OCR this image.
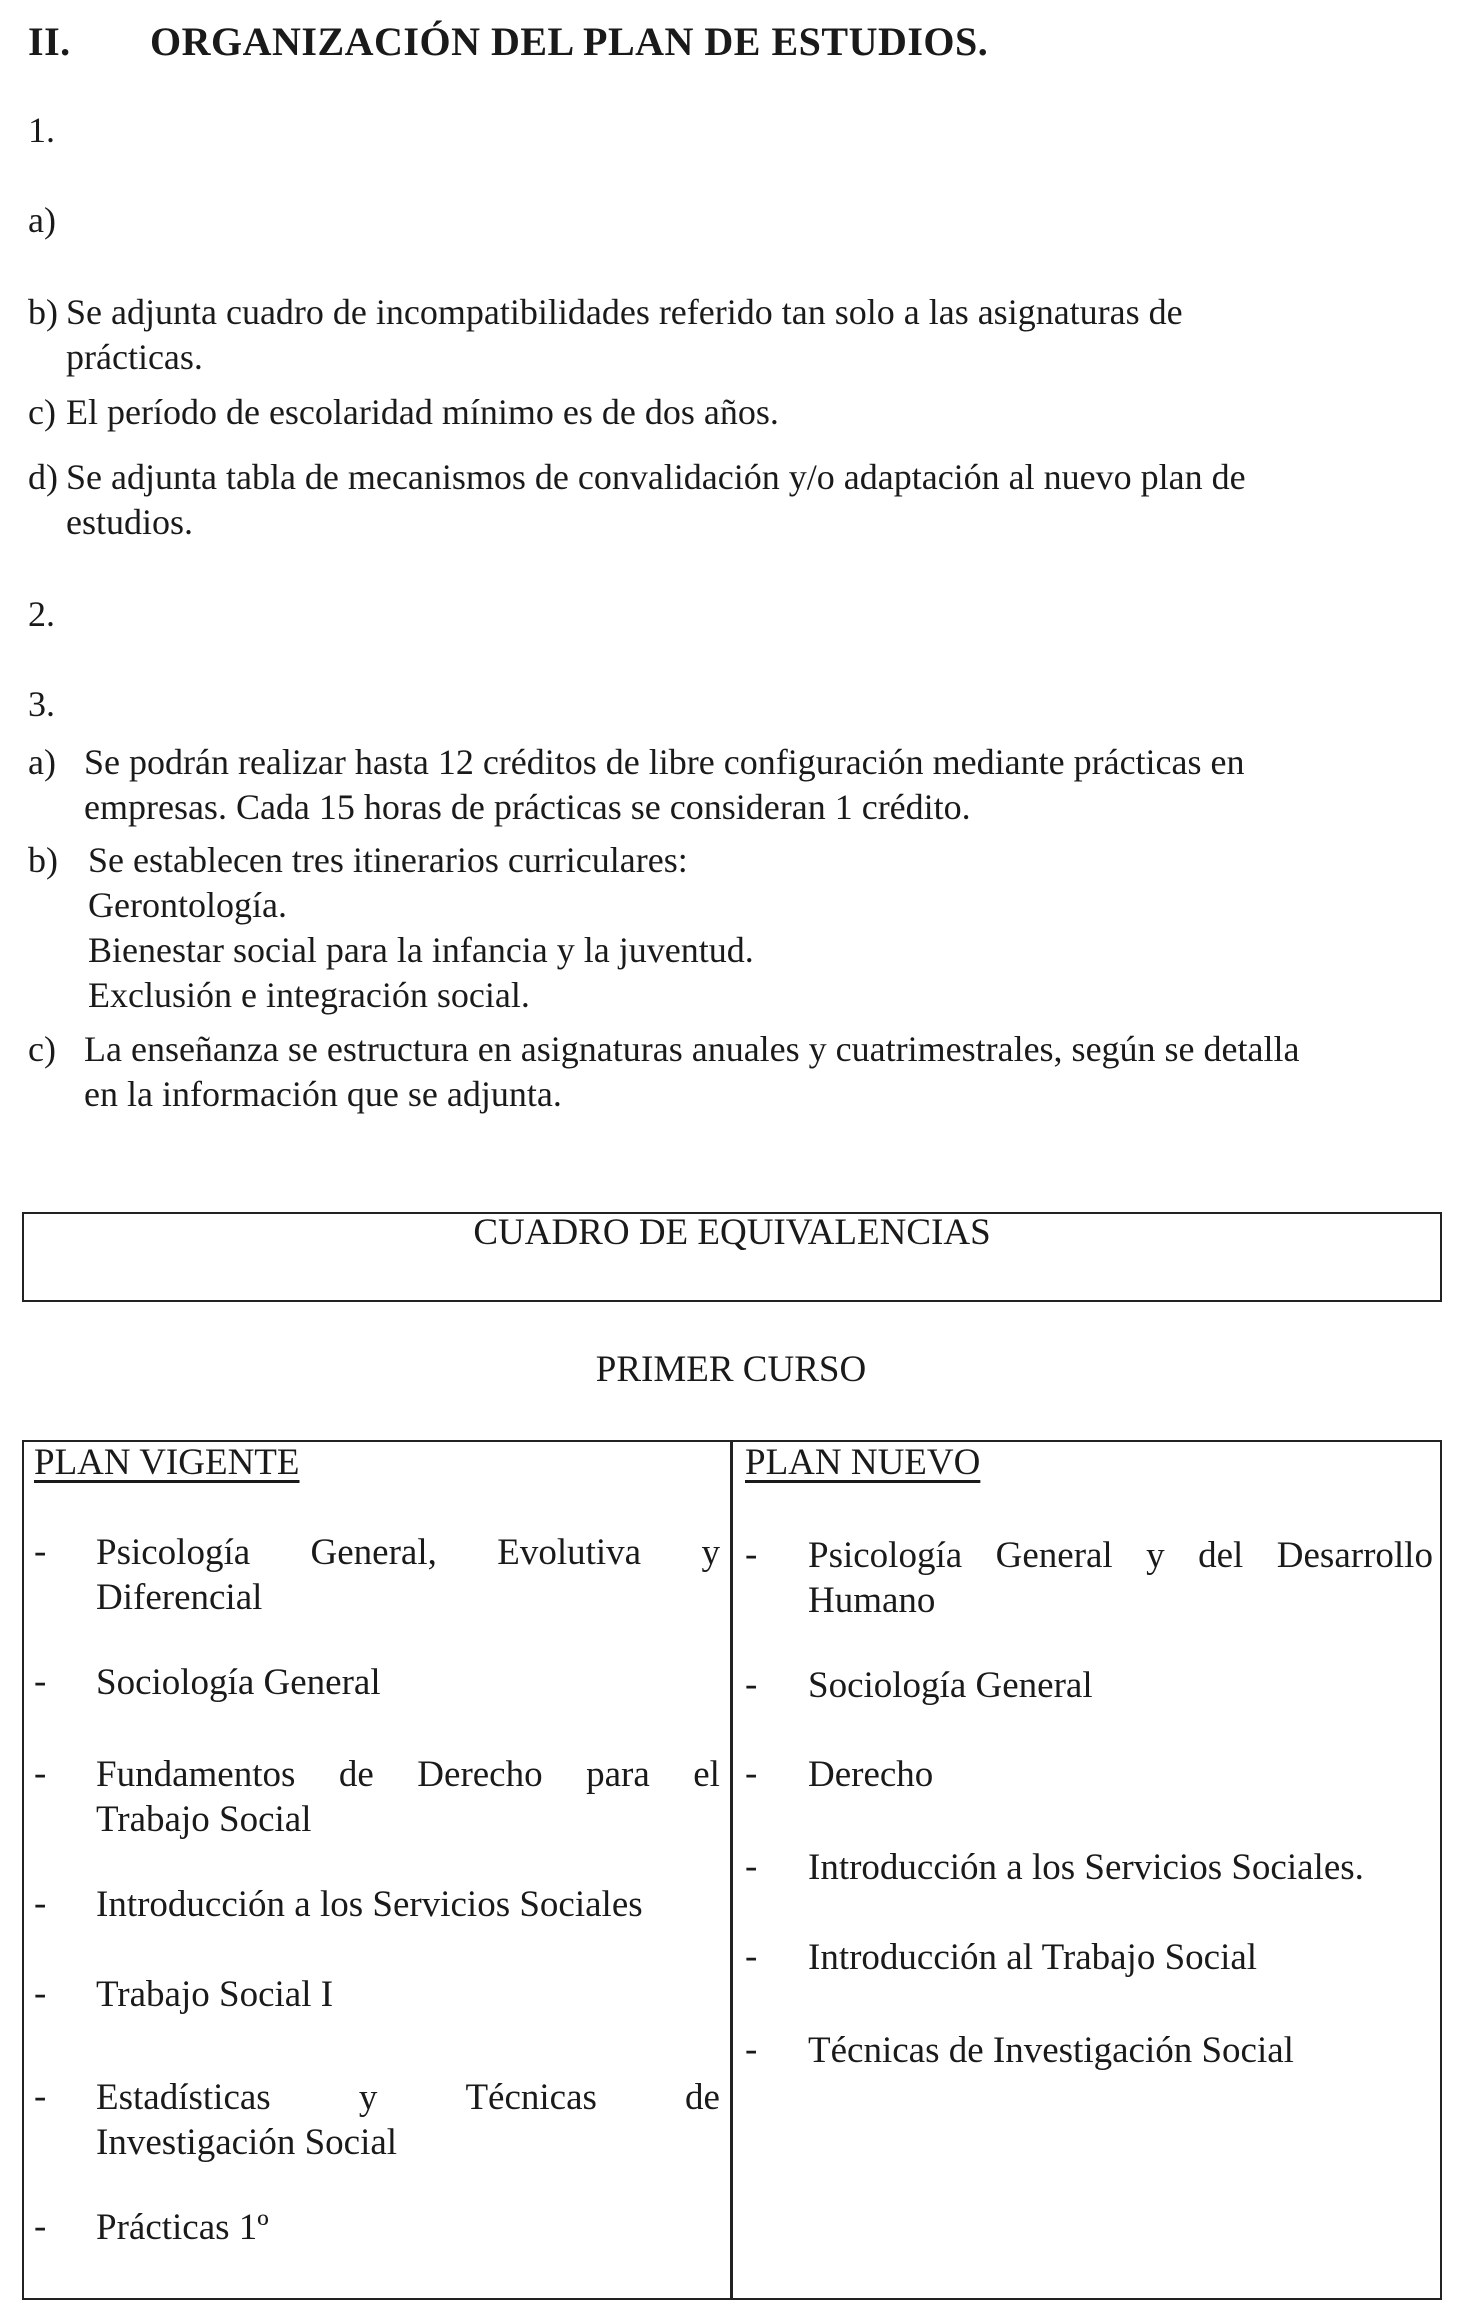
II. ORGANIZACIÓN DEL PLAN DE ESTUDIOS.
1.
a)
b) Se adjunta cuadro de incompatibilidades referido tan solo a las asignaturas de
prácticas.
c) El período de escolaridad mínimo es de dos años.
d) Se adjunta tabla de mecanismos de convalidación y/o adaptación al nuevo plan de
estudios.
2.
3.
a) Se podrán realizar hasta 12 créditos de libre configuración mediante prácticas en
empresas. Cada 15 horas de prácticas se consideran 1 crédito.
b) Se establecen tres itinerarios curriculares:
Gerontología.
Bienestar social para la infancia y la juventud.
Exclusión e integración social.
c) La enseñanza se estructura en asignaturas anuales y cuatrimestrales, según se detalla
en la información que se adjunta.
CUADRO DE EQUIVALENCIAS
PRIMER CURSO
PLAN VIGENTE	PLAN NUEVO
- Psicología General, Evolutiva y
Diferencial
- Sociología General
- Fundamentos de Derecho para el
Trabajo Social
- Introducción a los Servicios Sociales
- Trabajo Social I
- Estadísticas y Técnicas de
Investigación Social
- Prácticas 1º
- Psicología General y del Desarrollo
Humano
- Sociología General
- Derecho
- Introducción a los Servicios Sociales.
- Introducción al Trabajo Social
- Técnicas de Investigación Social
